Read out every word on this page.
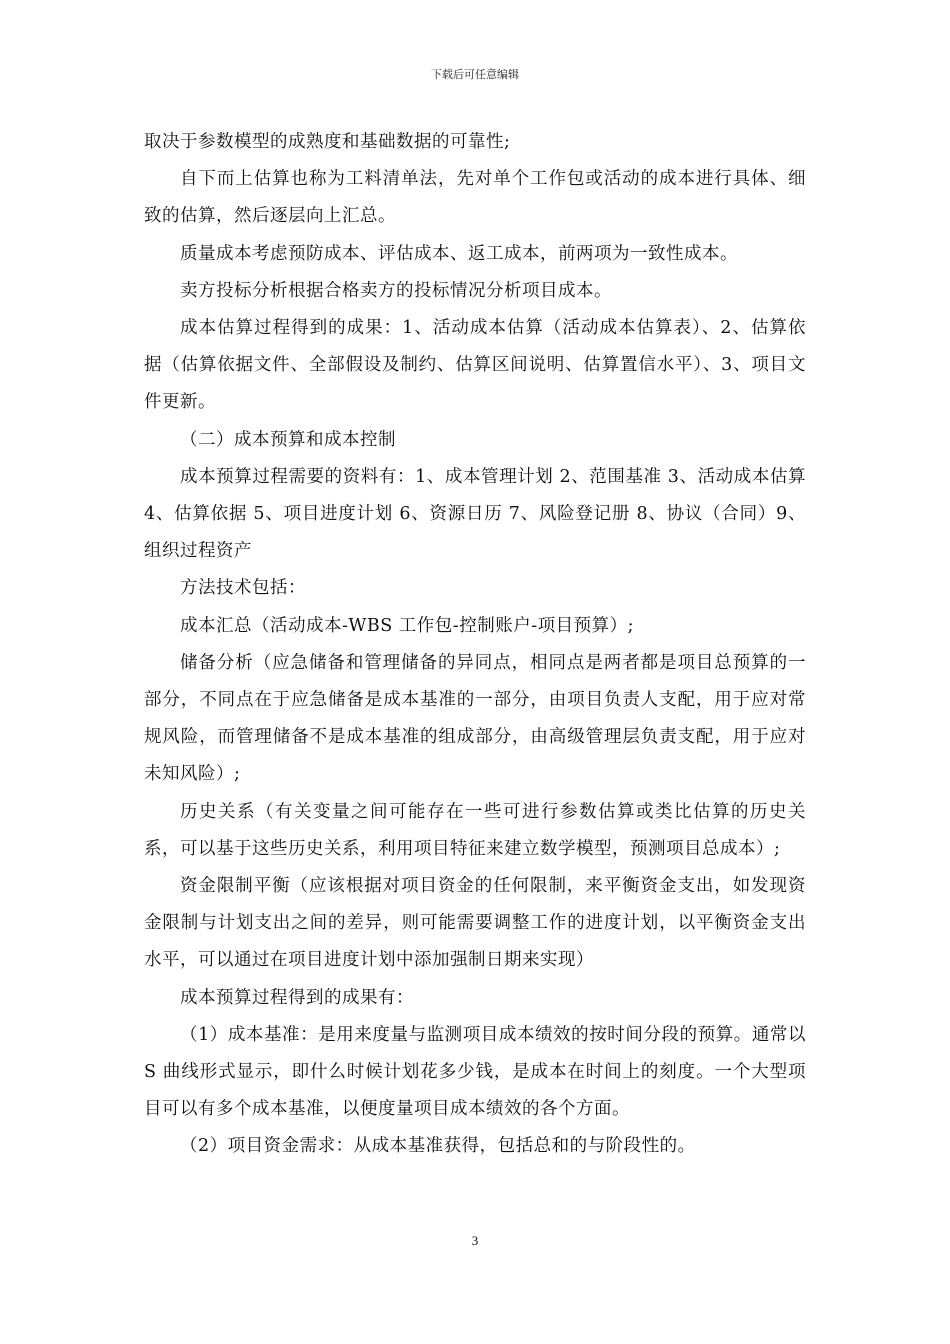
下载后可任意编辑

取决于参数模型的成熟度和基础数据的可靠性;

自下而上估算也称为工料清单法，先对单个工作包或活动的成本进行具体、细致的估算，然后逐层向上汇总。

质量成本考虑预防成本、评估成本、返工成本，前两项为一致性成本。

卖方投标分析根据合格卖方的投标情况分析项目成本。

成本估算过程得到的成果：1、活动成本估算（活动成本估算表）、2、估算依据（估算依据文件、全部假设及制约、估算区间说明、估算置信水平）、3、项目文件更新。

（二）成本预算和成本控制

成本预算过程需要的资料有：1、成本管理计划 2、范围基准 3、活动成本估算 4、估算依据 5、项目进度计划 6、资源日历 7、风险登记册 8、协议（合同）9、组织过程资产

方法技术包括：

成本汇总（活动成本-WBS 工作包-控制账户-项目预算）;

储备分析（应急储备和管理储备的异同点，相同点是两者都是项目总预算的一部分，不同点在于应急储备是成本基准的一部分，由项目负责人支配，用于应对常规风险，而管理储备不是成本基准的组成部分，由高级管理层负责支配，用于应对未知风险）;

历史关系（有关变量之间可能存在一些可进行参数估算或类比估算的历史关系，可以基于这些历史关系，利用项目特征来建立数学模型，预测项目总成本）;

资金限制平衡（应该根据对项目资金的任何限制，来平衡资金支出，如发现资金限制与计划支出之间的差异，则可能需要调整工作的进度计划，以平衡资金支出水平，可以通过在项目进度计划中添加强制日期来实现）

成本预算过程得到的成果有：

（1）成本基准：是用来度量与监测项目成本绩效的按时间分段的预算。通常以 S 曲线形式显示，即什么时候计划花多少钱，是成本在时间上的刻度。一个大型项目可以有多个成本基准，以便度量项目成本绩效的各个方面。

（2）项目资金需求：从成本基准获得，包括总和的与阶段性的。

3
